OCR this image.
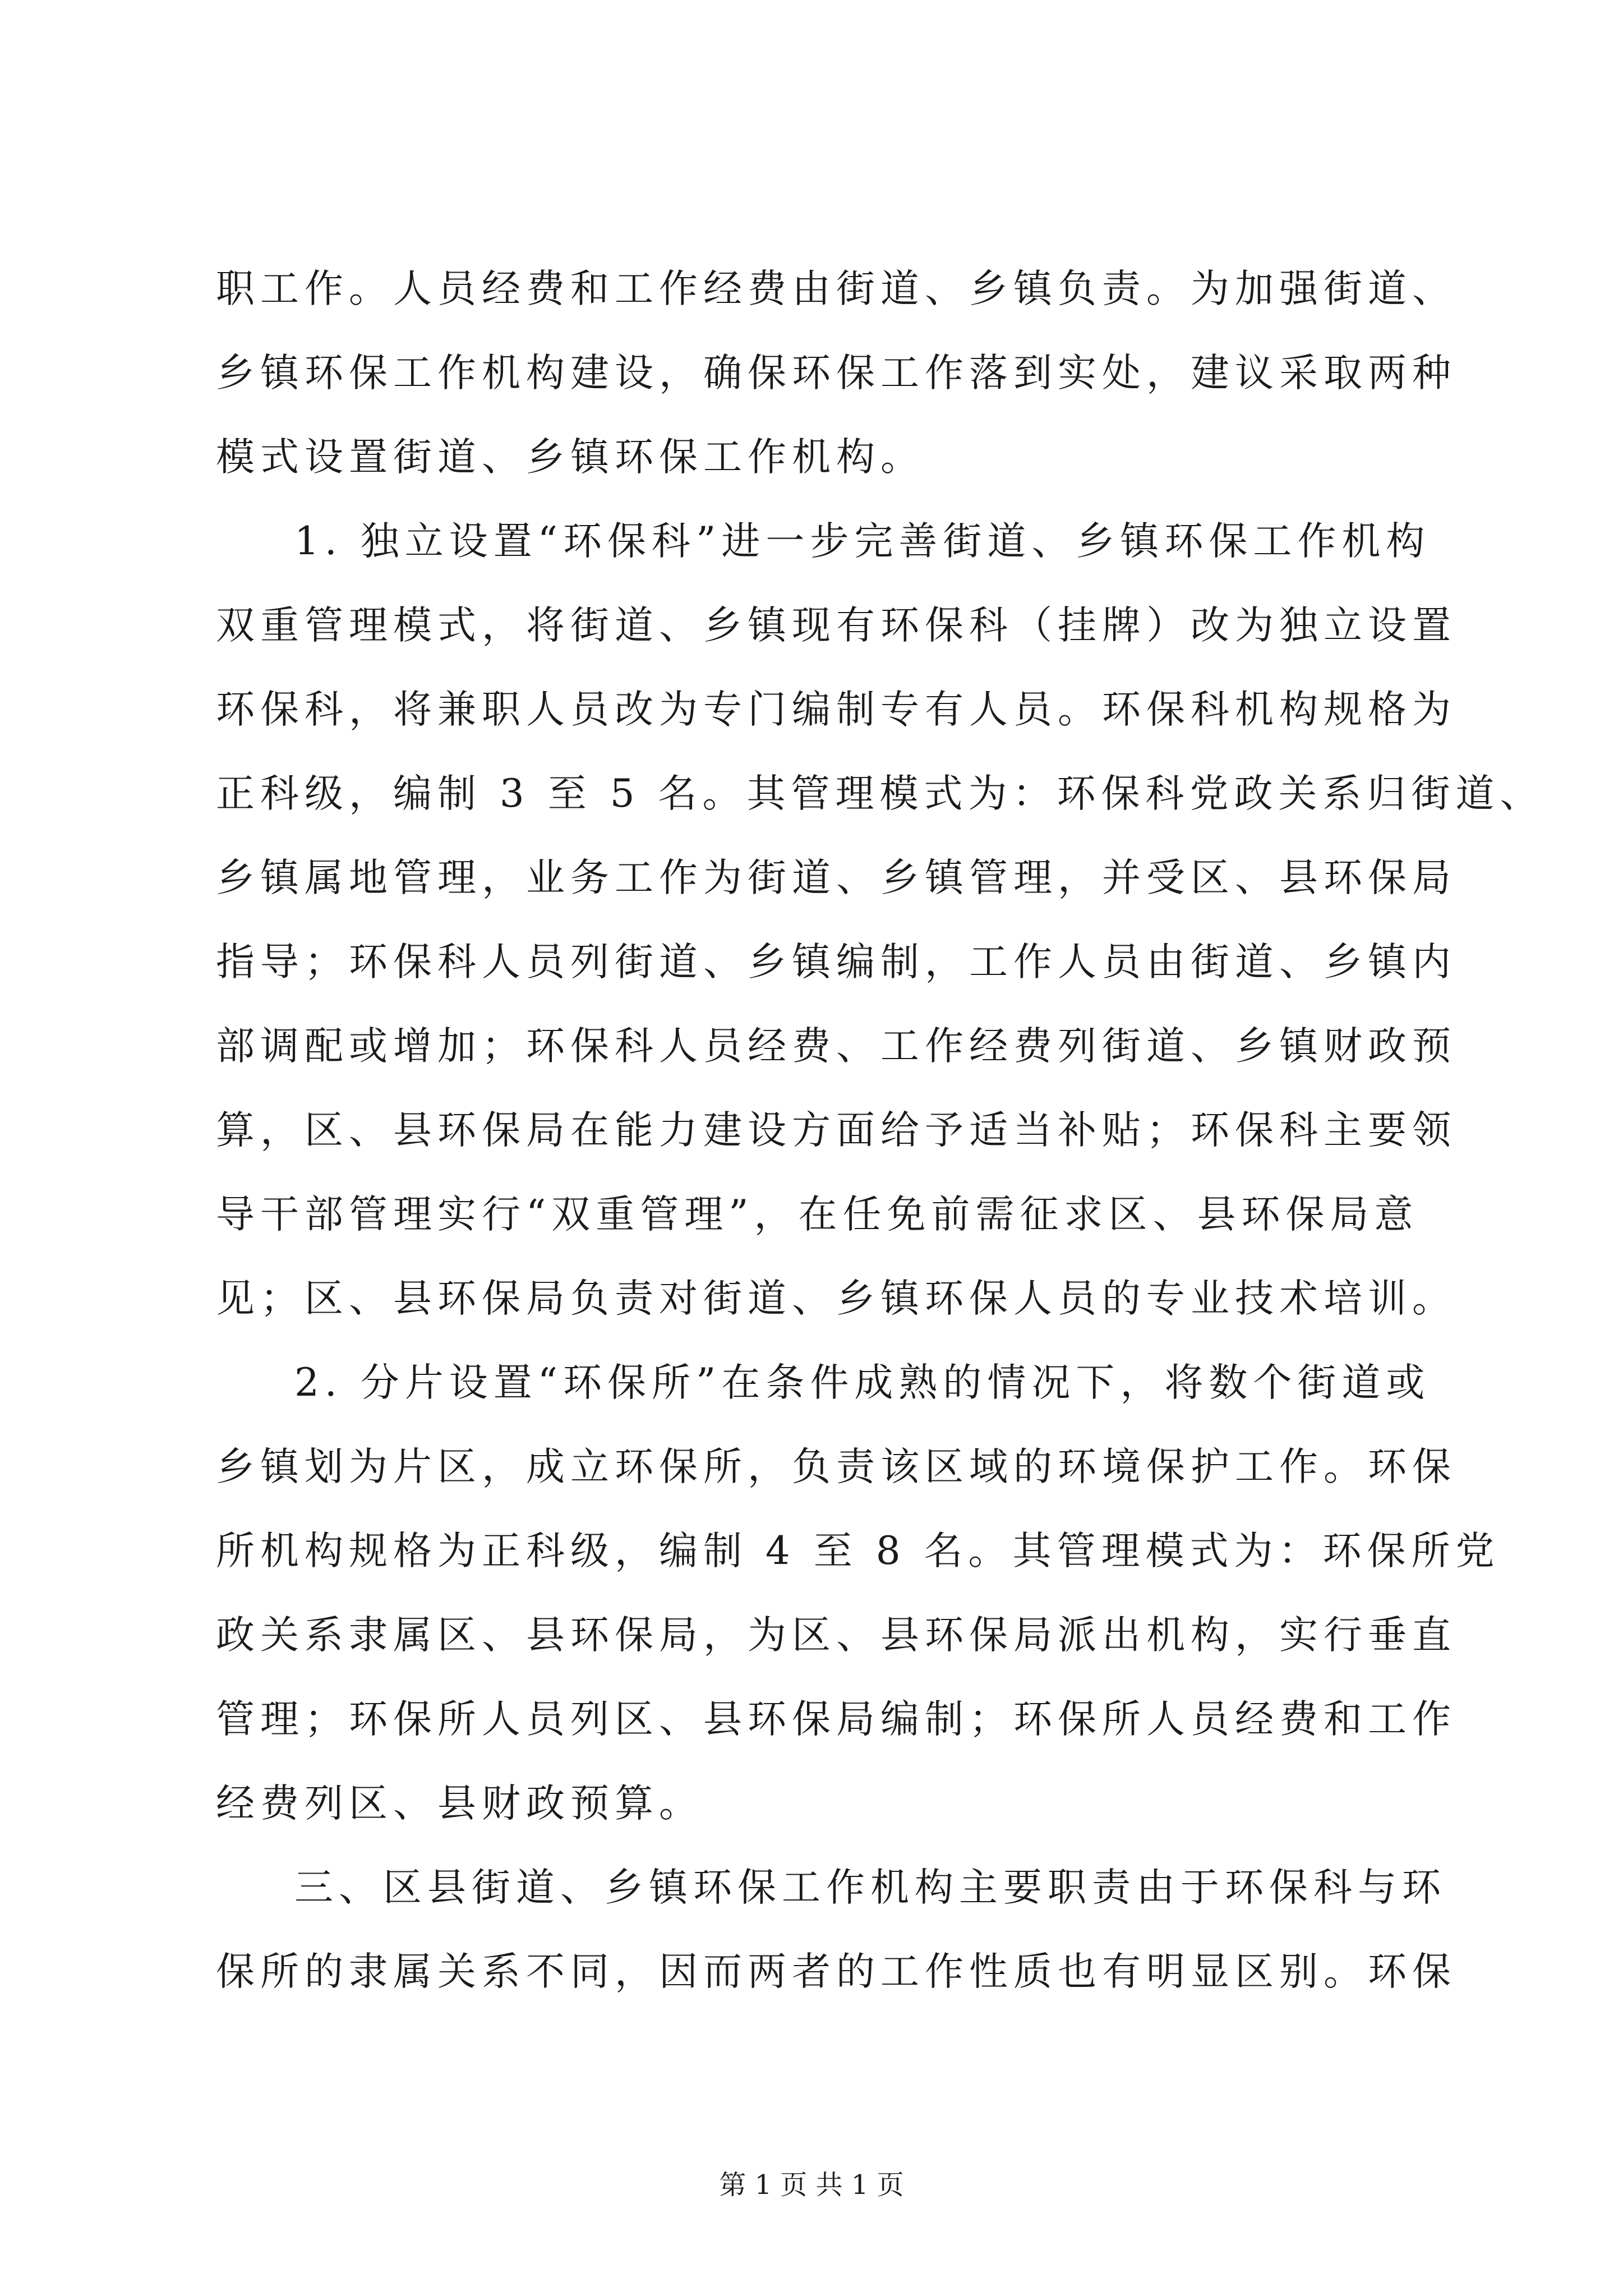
职工作。人员经费和工作经费由街道、乡镇负责。为加强街道、
乡镇环保工作机构建设，确保环保工作落到实处，建议采取两种
模式设置街道、乡镇环保工作机构。
1. 独立设置“环保科”进一步完善街道、乡镇环保工作机构
双重管理模式，将街道、乡镇现有环保科（挂牌）改为独立设置
环保科，将兼职人员改为专门编制专有人员。环保科机构规格为
正科级，编制 3 至 5 名。其管理模式为：环保科党政关系归街道、
乡镇属地管理，业务工作为街道、乡镇管理，并受区、县环保局
指导；环保科人员列街道、乡镇编制，工作人员由街道、乡镇内
部调配或增加；环保科人员经费、工作经费列街道、乡镇财政预
算，区、县环保局在能力建设方面给予适当补贴；环保科主要领
导干部管理实行“双重管理”，在任免前需征求区、县环保局意
见；区、县环保局负责对街道、乡镇环保人员的专业技术培训。
2. 分片设置“环保所”在条件成熟的情况下，将数个街道或
乡镇划为片区，成立环保所，负责该区域的环境保护工作。环保
所机构规格为正科级，编制 4 至 8 名。其管理模式为：环保所党
政关系隶属区、县环保局，为区、县环保局派出机构，实行垂直
管理；环保所人员列区、县环保局编制；环保所人员经费和工作
经费列区、县财政预算。
三、区县街道、乡镇环保工作机构主要职责由于环保科与环
保所的隶属关系不同，因而两者的工作性质也有明显区别。环保
第 1 页 共 1 页
